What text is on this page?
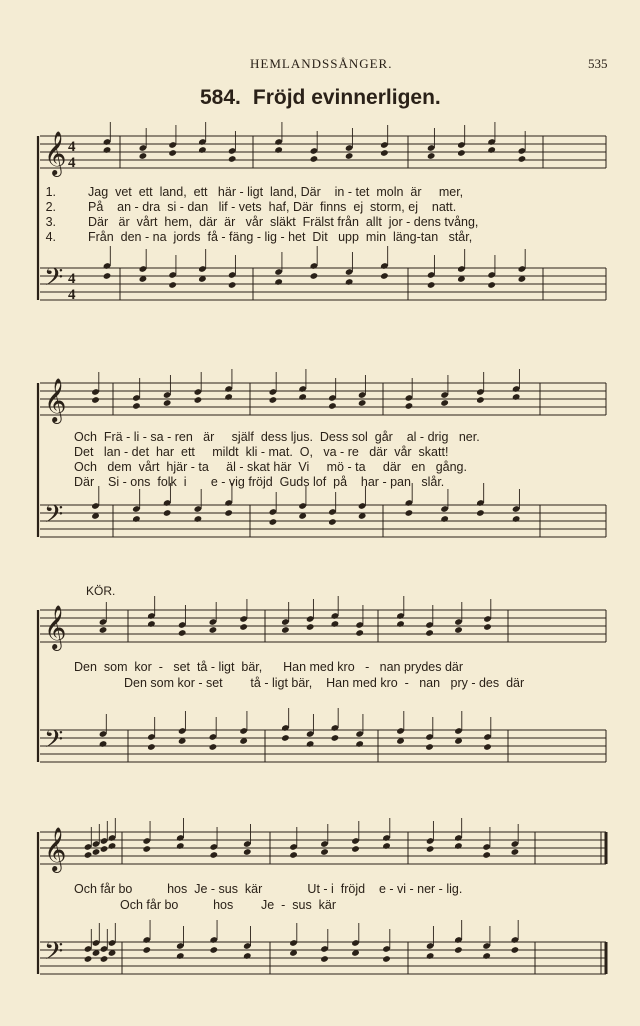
HEMLANDSSÅNGER.	535
584. Fröjd evinnerligen.
𝄞 4
4
𝄢 4
4
𝄞
𝄢
𝄞
𝄢
𝄞
𝄢
1.
2.
3.
4.
Jag  vet  ett  land,  ett   här - ligt  land, Där    in - tet  moln  är     mer,
På    an - dra  si - dan   lif - vets  haf, Där  finns  ej  storm, ej    natt.
Där   är  vårt  hem,  där  är   vår  släkt  Frälst från  allt  jor - dens tvång,
Från  den - na  jords  få - fäng - lig - het  Dit   upp  min  läng-tan   står,
Och  Frä - li - sa - ren   är     själf  dess ljus.  Dess sol  går    al - drig   ner.
Det   lan - det  har  ett     mildt  kli - mat.  O,   va - re   där  vår  skatt!
Och   dem  vårt  hjär - ta     äl - skat här  Vi     mö - ta     där   en   gång.
Där    Si - ons  folk  i       e - vig fröjd  Guds lof  på    har - pan   slår.
KÖR.
Den  som  kor  -   set  tå - ligt  bär,      Han med kro   -   nan prydes där
Den som kor - set        tå - ligt bär,    Han med kro  -   nan   pry - des  där
Och får bo          hos  Je - sus  kär             Ut - i  fröjd    e - vi - ner - lig.
Och får bo          hos        Je  -  sus  kär
